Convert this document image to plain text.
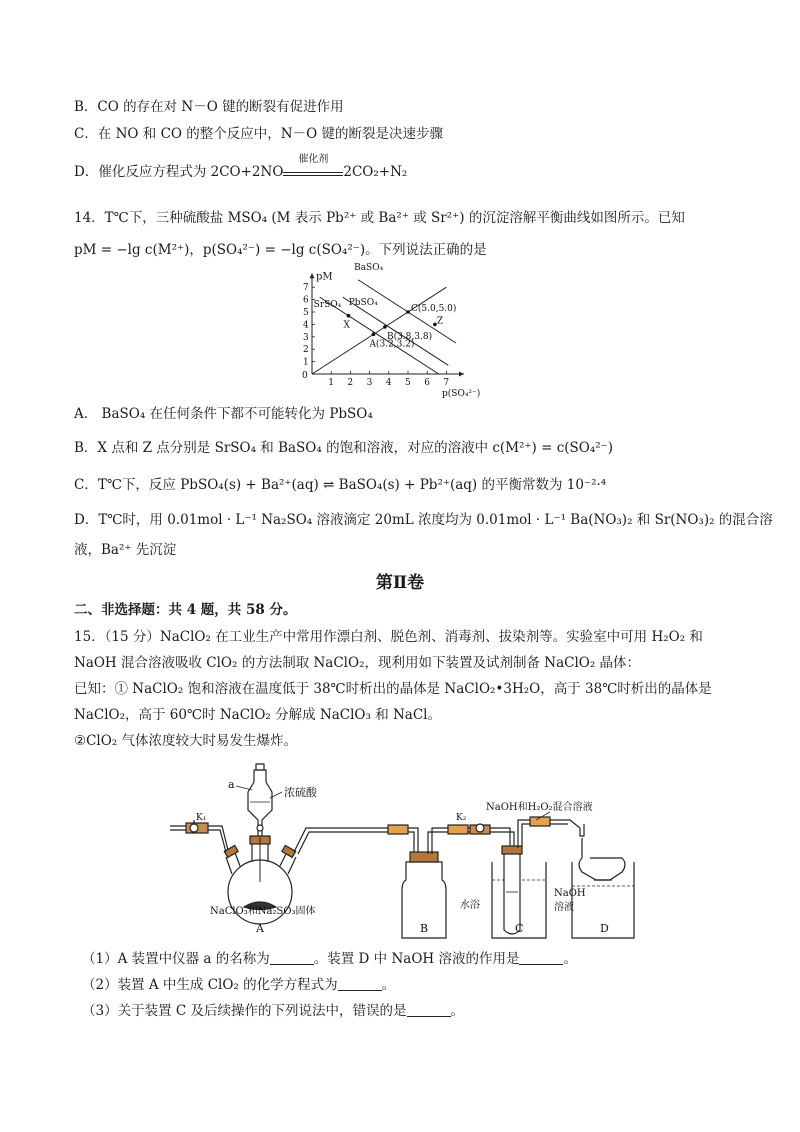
B．CO 的存在对 N－O 键的断裂有促进作用
C．在 NO 和 CO 的整个反应中，N－O 键的断裂是决速步骤
D．催化反应方程式为 2CO+2NO
催化剂
2CO₂+N₂
14．T℃下，三种硫酸盐 MSO₄ (M 表示 Pb²⁺ 或 Ba²⁺ 或 Sr²⁺) 的沉淀溶解平衡曲线如图所示。已知
pM = −lg c(M²⁺)，p(SO₄²⁻) = −lg c(SO₄²⁻)。下列说法正确的是
0
1 2 3 4 5 6 7
1
2
3
4
5
6
7
pM
p(SO₄²⁻)
SrSO₄ PbSO₄
BaSO₄
A(3.2,3.2)
B(3.8,3.8)
C(5.0,5.0)
X	Z
A． BaSO₄ 在任何条件下都不可能转化为 PbSO₄
B．X 点和 Z 点分别是 SrSO₄ 和 BaSO₄ 的饱和溶液，对应的溶液中 c(M²⁺) = c(SO₄²⁻)
C．T℃下，反应 PbSO₄(s) + Ba²⁺(aq) ⇌ BaSO₄(s) + Pb²⁺(aq) 的平衡常数为 10⁻²·⁴
D．T℃时，用 0.01mol · L⁻¹ Na₂SO₄ 溶液滴定 20mL 浓度均为 0.01mol · L⁻¹ Ba(NO₃)₂ 和 Sr(NO₃)₂ 的混合溶
液，Ba²⁺ 先沉淀
第Ⅱ卷
二、非选择题：共 4 题，共 58 分。
15．（15 分）NaClO₂ 在工业生产中常用作漂白剂、脱色剂、消毒剂、拔染剂等。实验室中可用 H₂O₂ 和
NaOH 混合溶液吸收 ClO₂ 的方法制取 NaClO₂，现利用如下装置及试剂制备 NaClO₂ 晶体：
已知：① NaClO₂ 饱和溶液在温度低于 38℃时析出的晶体是 NaClO₂•3H₂O，高于 38℃时析出的晶体是
NaClO₂，高于 60℃时 NaClO₂ 分解成 NaClO₃ 和 NaCl。
②ClO₂ 气体浓度较大时易发生爆炸。
a
浓硫酸
K₁	K₂
NaOH和H₂O₂混合溶液
NaClO₃和Na₂SO₃固体
水浴
NaOH
溶液
A	B	C	D
（1）A 装置中仪器 a 的名称为	。装置 D 中 NaOH 溶液的作用是	。
（2）装置 A 中生成 ClO₂ 的化学方程式为	。
（3）关于装置 C 及后续操作的下列说法中，错误的是	。
